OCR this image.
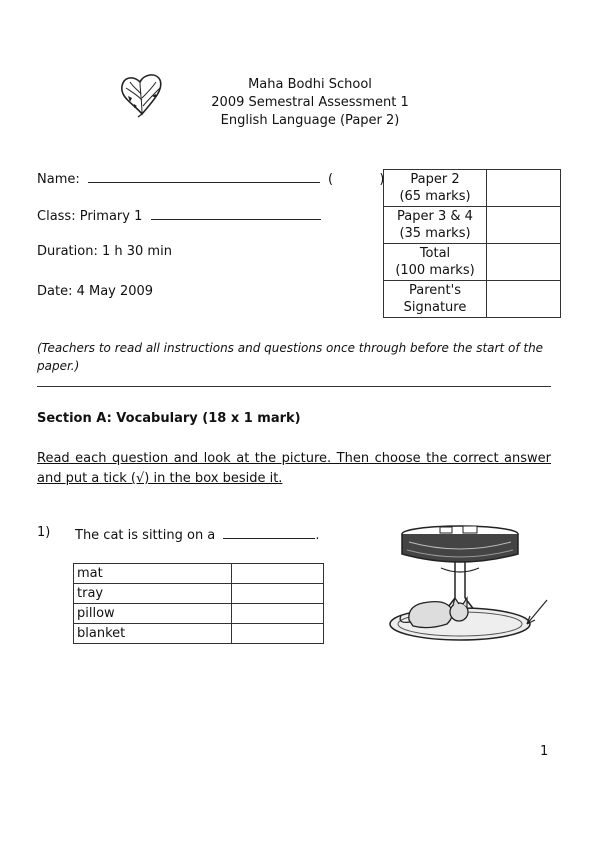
Maha Bodhi School
2009 Semestral Assessment 1
English Language (Paper 2)
Name:	(	)
Class: Primary 1
Duration: 1 h 30 min
Date: 4 May 2009
Paper 2
(65 marks)	

Paper 3 & 4
(35 marks)	

Total
(100 marks)	

Parent's
Signature	

(Teachers to read all instructions and questions once through before the start of the paper.)
Section A: Vocabulary (18 x 1 mark)
Read each question and look at the picture. Then choose the correct answer and put a tick (√) in the box beside it.
1) The cat is sitting on a	.
mat	
tray	
pillow	
blanket	
1
